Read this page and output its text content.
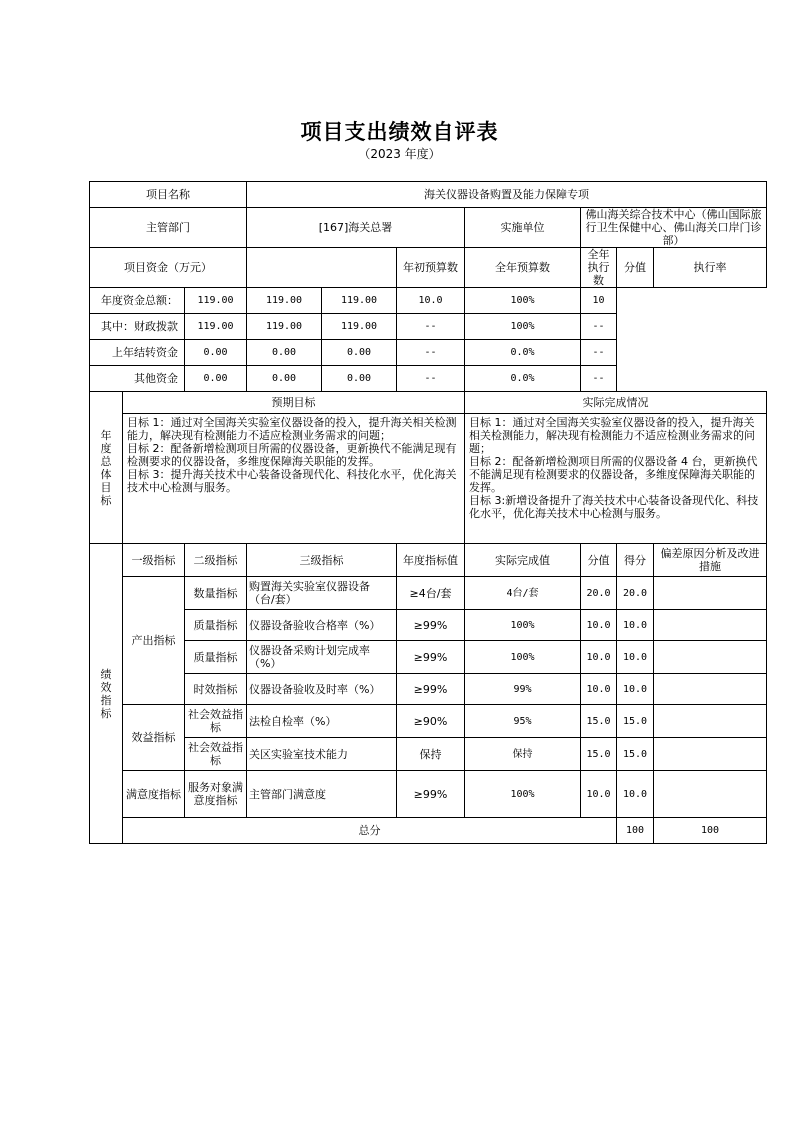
项目支出绩效自评表
（2023 年度）
项目名称			海关仪器设备购置及能力保障专项							
主管部门			[167]海关总署			实施单位	佛山海关综合技术中心（佛山国际旅行卫生保健中心、佛山海关口岸门诊部）			
项目资金（万元）					年初预算数	全年预算数	全年执行数	分值	执行率	
年度资金总额：		119.00	119.00	119.00	10.0	100%	10			
其中：财政拨款		119.00	119.00	119.00	--	100%	--			
上年结转资金		0.00	0.00	0.00	--	0.0%	--			
其他资金		0.00	0.00	0.00	--	0.0%	--			
年度总体目标	预期目标					实际完成情况				
	目标 1：通过对全国海关实验室仪器设备的投入，提升海关相关检测能力，解决现有检测能力不适应检测业务需求的问题；
目标 2：配备新增检测项目所需的仪器设备，更新换代不能满足现有检测要求的仪器设备，多维度保障海关职能的发挥。
目标 3：提升海关技术中心装备设备现代化、科技化水平，优化海关技术中心检测与服务。					目标 1：通过对全国海关实验室仪器设备的投入，提升海关相关检测能力，解决现有检测能力不适应检测业务需求的问题；
目标 2：配备新增检测项目所需的仪器设备 4 台，更新换代不能满足现有检测要求的仪器设备，多维度保障海关职能的发挥。
目标 3:新增设备提升了海关技术中心装备设备现代化、科技化水平，优化海关技术中心检测与服务。				
绩效指标	一级指标	二级指标	三级指标		年度指标值	实际完成值	分值	得分	偏差原因分析及改进措施	
	产出指标	数量指标	购置海关实验室仪器设备（台/套）		≥4台/套	4台/套	20.0	20.0		
		质量指标	仪器设备验收合格率（%）		≥99%	100%	10.0	10.0		
		质量指标	仪器设备采购计划完成率（%）		≥99%	100%	10.0	10.0		
		时效指标	仪器设备验收及时率（%）		≥99%	99%	10.0	10.0		
	效益指标	社会效益指标	法检自检率（%）		≥90%	95%	15.0	15.0		
		社会效益指标	关区实验室技术能力		保持	保持	15.0	15.0		
	满意度指标	服务对象满意度指标	主管部门满意度		≥99%	100%	10.0	10.0		
	总分							100	100	
